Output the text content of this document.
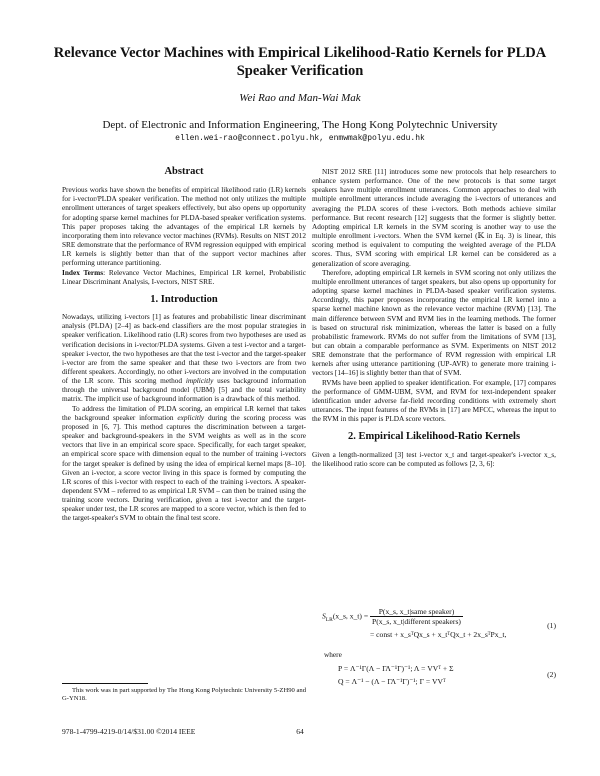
Relevance Vector Machines with Empirical Likelihood-Ratio Kernels for PLDA Speaker Verification
Wei Rao and Man-Wai Mak
Dept. of Electronic and Information Engineering, The Hong Kong Polytechnic University
ellen.wei-rao@connect.polyu.hk, enmwmak@polyu.edu.hk
Abstract

Previous works have shown the benefits of empirical likelihood ratio (LR) kernels for i-vector/PLDA speaker verification. The method not only utilizes the multiple enrollment utterances of target speakers effectively, but also opens up opportunity for adopting sparse kernel machines for PLDA-based speaker verification systems. This paper proposes taking the advantages of the empirical LR kernels by incorporating them into relevance vector machines (RVMs). Results on NIST 2012 SRE demonstrate that the performance of RVM regression equipped with empirical LR kernels is slightly better than that of the support vector machines after performing utterance partitioning.

Index Terms: Relevance Vector Machines, Empirical LR kernel, Probabilistic Linear Discriminant Analysis, I-vectors, NIST SRE.

1. Introduction

Nowadays, utilizing i-vectors [1] as features and probabilistic linear discriminant analysis (PLDA) [2–4] as back-end classifiers are the most popular strategies in speaker verification. Likelihood ratio (LR) scores from two hypotheses are used as verification decisions in i-vector/PLDA systems. Given a test i-vector and a target-speaker i-vector, the two hypotheses are that the test i-vector and the target-speaker i-vector are from the same speaker and that these two i-vectors are from two different speakers. Accordingly, no other i-vectors are involved in the computation of the LR score. This scoring method implicitly uses background information through the universal background model (UBM) [5] and the total variability matrix. The implicit use of background information is a drawback of this method.

To address the limitation of PLDA scoring, an empirical LR kernel that takes the background speaker information explicitly during the scoring process was proposed in [6, 7]. This method captures the discrimination between a target-speaker and background-speakers in the SVM weights as well as in the score vectors that live in an empirical score space. Specifically, for each target speaker, an empirical score space with dimension equal to the number of training i-vectors for the target speaker is defined by using the idea of empirical kernel maps [8–10]. Given an i-vector, a score vector living in this space is formed by computing the LR scores of this i-vector with respect to each of the training i-vectors. A speaker-dependent SVM – referred to as empirical LR SVM – can then be trained using the training score vectors. During verification, given a test i-vector and the target-speaker under test, the LR scores are mapped to a score vector, which is then fed to the target-speaker's SVM to obtain the final test score.

This work was in part supported by The Hong Kong Polytechnic University 5-ZH90 and G-YN18.

NIST 2012 SRE [11] introduces some new protocols that help researchers to enhance system performance. One of the new protocols is that some target speakers have multiple enrollment utterances. Common approaches to deal with multiple enrollment utterances include averaging the i-vectors of utterances and averaging the PLDA scores of these i-vectors. Both methods achieve similar performance. But recent research [12] suggests that the former is slightly better. Adopting empirical LR kernels in the SVM scoring is another way to use the multiple enrollment i-vectors. When the SVM kernel (𝕂 in Eq. 3) is linear, this scoring method is equivalent to computing the weighted average of the PLDA scores. Thus, SVM scoring with empirical LR kernel can be considered as a generalization of score averaging.

Therefore, adopting empirical LR kernels in SVM scoring not only utilizes the multiple enrollment utterances of target speakers, but also opens up opportunity for adopting sparse kernel machines in PLDA-based speaker verification systems. Accordingly, this paper proposes incorporating the empirical LR kernel into a sparse kernel machine known as the relevance vector machine (RVM) [13]. The main difference between SVM and RVM lies in the learning methods. The former is based on structural risk minimization, whereas the latter is based on a fully probabilistic framework. RVMs do not suffer from the limitations of SVM [13], but can obtain a comparable performance as SVM. Experiments on NIST 2012 SRE demonstrate that the performance of RVM regression with empirical LR kernels after using utterance partitioning (UP-AVR) to generate more training i-vectors [14–16] is slightly better than that of SVM.

RVMs have been applied to speaker identification. For example, [17] compares the performance of GMM-UBM, SVM, and RVM for text-independent speaker identification under adverse far-field recording conditions with extremely short utterances. The input features of the RVMs in [17] are MFCC, whereas the input to the RVM in this paper is PLDA score vectors.

2. Empirical Likelihood-Ratio Kernels

Given a length-normalized [3] test i-vector x_t and target-speaker's i-vector x_s, the likelihood ratio score can be computed as follows [2, 3, 6]:

$S_{LR}(x\_s$, x_t) = $\frac{\text{P(x\_s, x\_t|same speaker)}}{\text{P(x\_s, x\_t|different speakers)}}$
= const + x_sᵀQx_s + x_tᵀQx_t + 2x_sᵀPx_t,
(1)

where

P = Λ⁻¹Γ(Λ − ΓΛ⁻¹Γ)⁻¹; Λ = VVᵀ + Σ
Q = Λ⁻¹ − (Λ − ΓΛ⁻¹Γ)⁻¹; Γ = VVᵀ
(2)
978-1-4799-4219-0/14/$31.00 ©2014 IEEE	64
